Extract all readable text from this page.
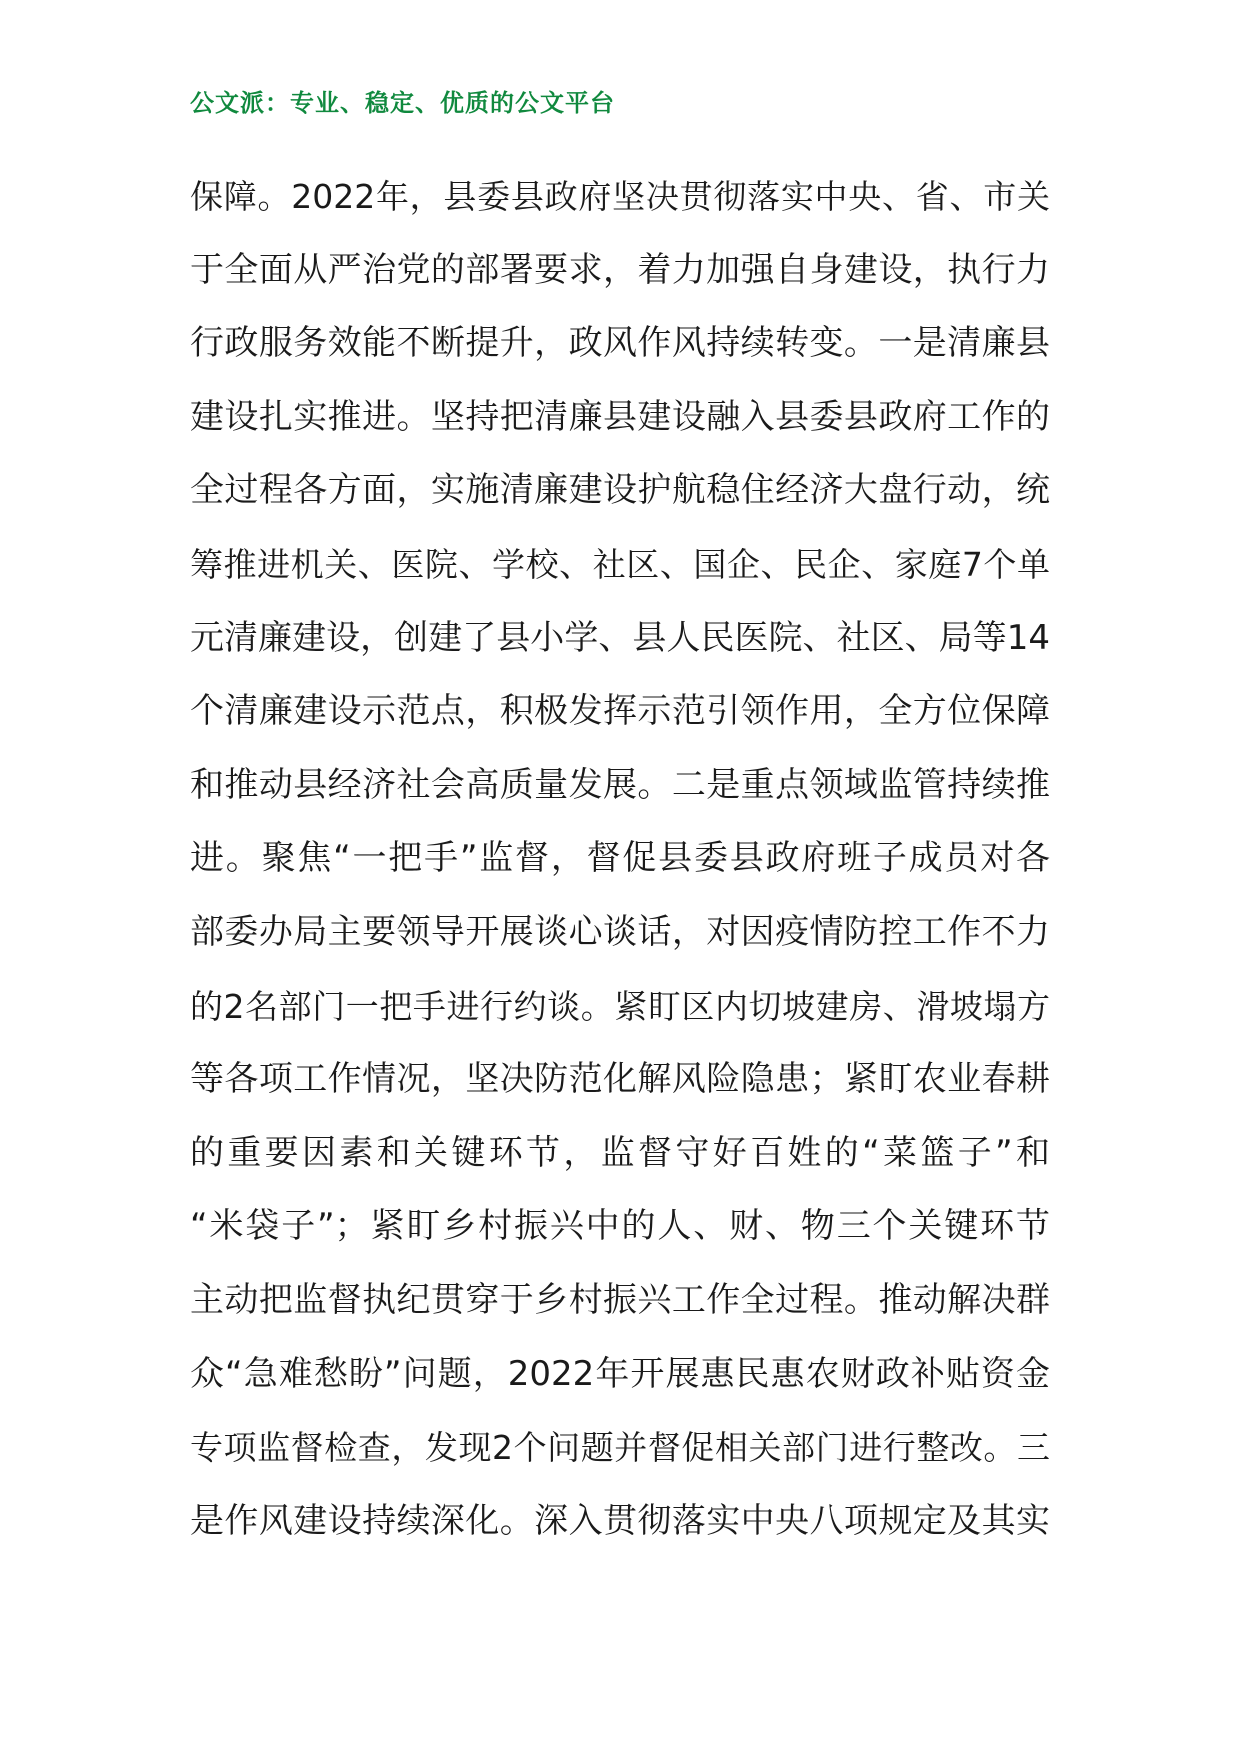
公文派：专业、稳定、优质的公文平台
保障。2022年，县委县政府坚决贯彻落实中央、省、市关
于全面从严治党的部署要求，着力加强自身建设，执行力
行政服务效能不断提升，政风作风持续转变。一是清廉县
建设扎实推进。坚持把清廉县建设融入县委县政府工作的
全过程各方面，实施清廉建设护航稳住经济大盘行动，统
筹推进机关、医院、学校、社区、国企、民企、家庭7个单
元清廉建设，创建了县小学、县人民医院、社区、局等14
个清廉建设示范点，积极发挥示范引领作用，全方位保障
和推动县经济社会高质量发展。二是重点领域监管持续推
进。聚焦“一把手”监督，督促县委县政府班子成员对各
部委办局主要领导开展谈心谈话，对因疫情防控工作不力
的2名部门一把手进行约谈。紧盯区内切坡建房、滑坡塌方
等各项工作情况，坚决防范化解风险隐患；紧盯农业春耕
的重要因素和关键环节，监督守好百姓的“菜篮子”和
“米袋子”；紧盯乡村振兴中的人、财、物三个关键环节
主动把监督执纪贯穿于乡村振兴工作全过程。推动解决群
众“急难愁盼”问题，2022年开展惠民惠农财政补贴资金
专项监督检查，发现2个问题并督促相关部门进行整改。三
是作风建设持续深化。深入贯彻落实中央八项规定及其实
